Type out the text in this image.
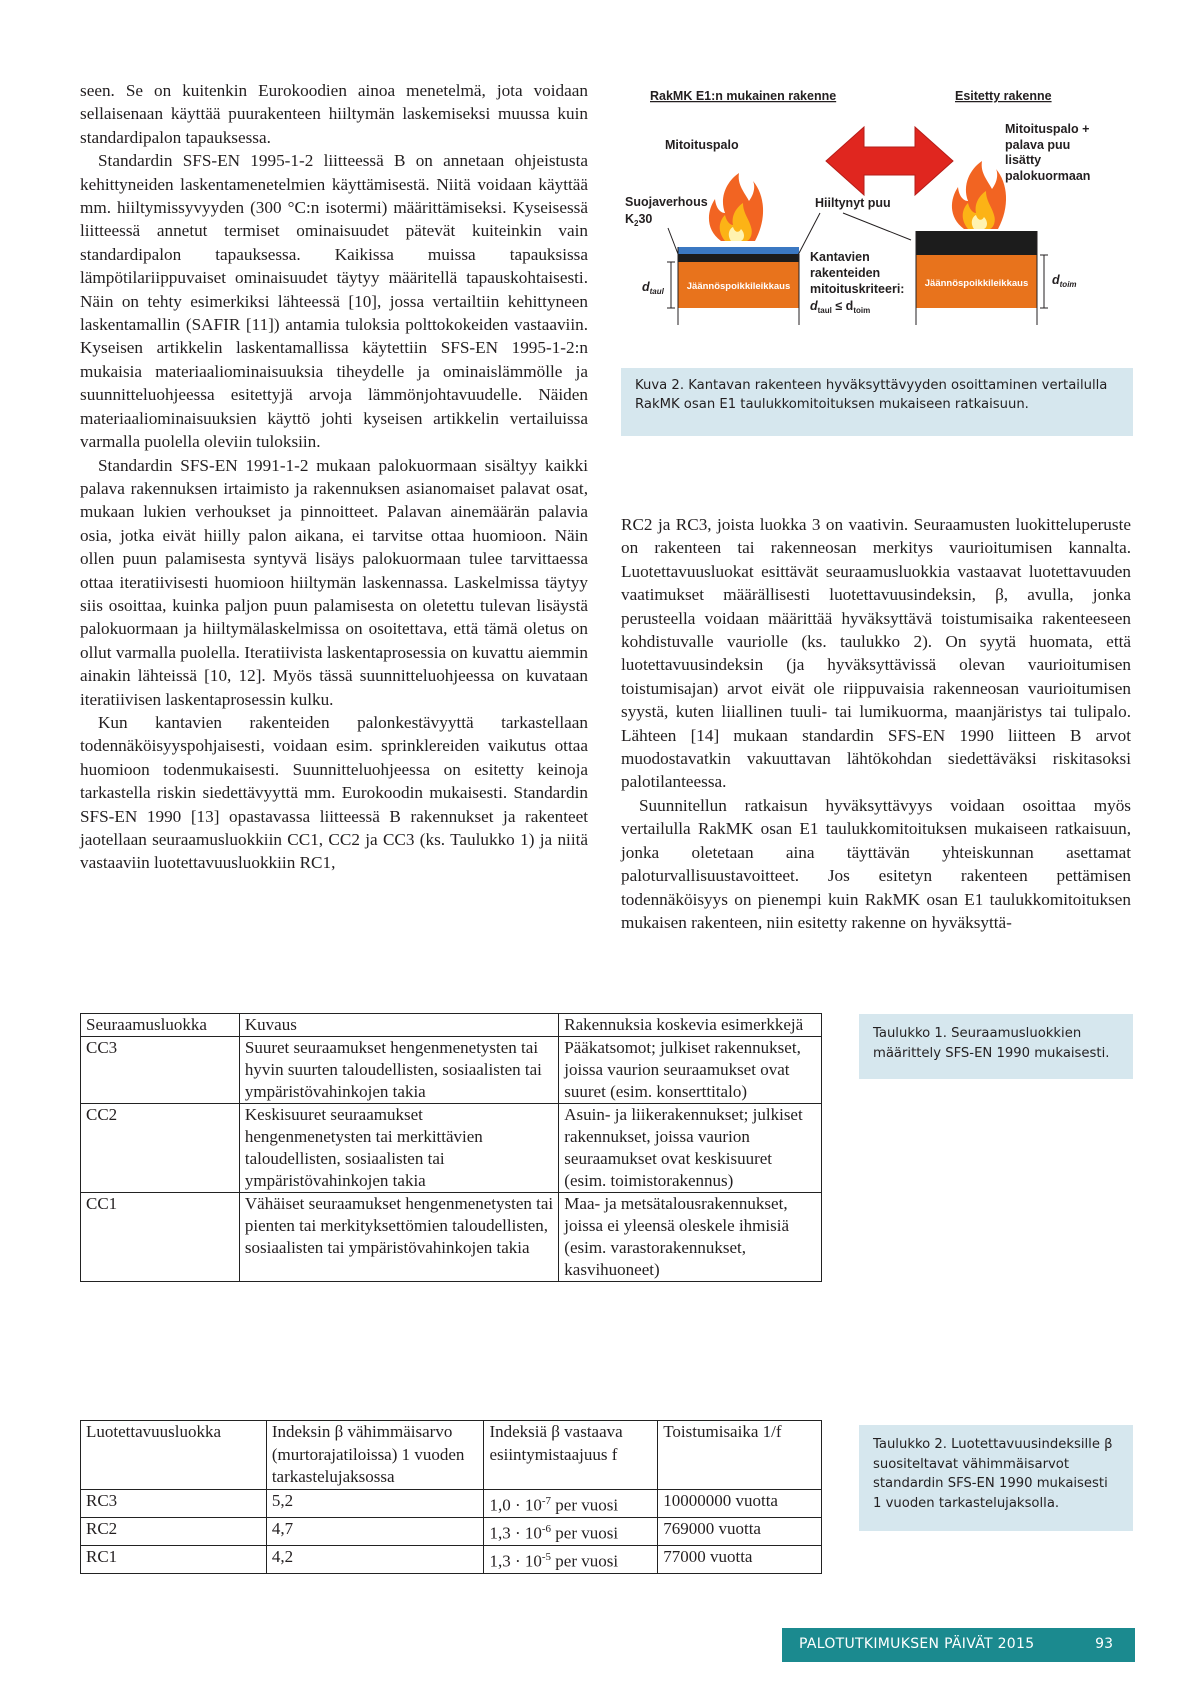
seen. Se on kuitenkin Eurokoodien ainoa menetelmä, jota voidaan sellaisenaan käyttää puurakenteen hiiltymän laskemiseksi muussa kuin standardipalon tapauksessa.

Standardin SFS-EN 1995-1-2 liitteessä B on annetaan ohjeistusta kehittyneiden laskentamenetelmien käyttämisestä. Niitä voidaan käyttää mm. hiiltymissyvyyden (300 °C:n isotermi) määrittämiseksi. Kyseisessä liitteessä annetut termiset ominaisuudet pätevät kuiteinkin vain standardipalon tapauksessa. Kaikissa muissa tapauksissa lämpötilariippuvaiset ominaisuudet täytyy määritellä tapauskohtaisesti. Näin on tehty esimerkiksi lähteessä [10], jossa vertailtiin kehittyneen laskentamallin (SAFIR [11]) antamia tuloksia polttokokeiden vastaaviin. Kyseisen artikkelin laskentamallissa käytettiin SFS-EN 1995-1-2:n mukaisia materiaaliominaisuuksia tiheydelle ja ominaislämmölle ja suunnitteluohjeessa esitettyjä arvoja lämmönjohtavuudelle. Näiden materiaaliominaisuuksien käyttö johti kyseisen artikkelin vertailuissa varmalla puolella oleviin tuloksiin.

Standardin SFS-EN 1991-1-2 mukaan palokuormaan sisältyy kaikki palava rakennuksen irtaimisto ja rakennuksen asianomaiset palavat osat, mukaan lukien verhoukset ja pinnoitteet. Palavan ainemäärän palavia osia, jotka eivät hiilly palon aikana, ei tarvitse ottaa huomioon. Näin ollen puun palamisesta syntyvä lisäys palokuormaan tulee tarvittaessa ottaa iteratiivisesti huomioon hiiltymän laskennassa. Laskelmissa täytyy siis osoittaa, kuinka paljon puun palamisesta on oletettu tulevan lisäystä palokuormaan ja hiiltymälaskelmissa on osoitettava, että tämä oletus on ollut varmalla puolella. Iteratiivista laskentaprosessia on kuvattu aiemmin ainakin lähteissä [10, 12]. Myös tässä suunnitteluohjeessa on kuvataan iteratiivisen laskentaprosessin kulku.

Kun kantavien rakenteiden palonkestävyyttä tarkastellaan todennäköisyyspohjaisesti, voidaan esim. sprinklereiden vaikutus ottaa huomioon todenmukaisesti. Suunnitteluohjeessa on esitetty keinoja tarkastella riskin siedettävyyttä mm. Eurokoodin mukaisesti. Standardin SFS-EN 1990 [13] opastavassa liitteessä B rakennukset ja rakenteet jaotellaan seuraamusluokkiin CC1, CC2 ja CC3 (ks. Taulukko 1) ja niitä vastaaviin luotettavuusluokkiin RC1,

RakMK E1:n mukainen rakenne	Esitetty rakenne
Mitoituspalo
Suojaverhous
$K_230$
Jäännöspoikkileikkaus
$d_{taul}$
Hiiltynyt puu
Kantavien
rakenteiden
mitoituskriteeri:
$d_{taul} \le d_{toim}$
Mitoituspalo +
palava puu
lisätty
palokuormaan
Jäännöspoikkileikkaus $d_{toim}$
Kuva 2. Kantavan rakenteen hyväksyttävyyden osoittaminen vertailulla RakMK osan E1 taulukkomitoituksen mukaiseen ratkaisuun.

RC2 ja RC3, joista luokka 3 on vaativin. Seuraamusten luokitteluperuste on rakenteen tai rakenneosan merkitys vaurioitumisen kannalta. Luotettavuusluokat esittävät seuraamusluokkia vastaavat luotettavuuden vaatimukset määrällisesti luotettavuusindeksin, β, avulla, jonka perusteella voidaan määrittää hyväksyttävä toistumisaika rakenteeseen kohdistuvalle vauriolle (ks. taulukko 2). On syytä huomata, että luotettavuusindeksin (ja hyväksyttävissä olevan vaurioitumisen toistumisajan) arvot eivät ole riippuvaisia rakenneosan vaurioitumisen syystä, kuten liiallinen tuuli- tai lumikuorma, maanjäristys tai tulipalo. Lähteen [14] mukaan standardin SFS-EN 1990 liitteen B arvot muodostavatkin vakuuttavan lähtökohdan siedettäväksi riskitasoksi palotilanteessa.

Suunnitellun ratkaisun hyväksyttävyys voidaan osoittaa myös vertailulla RakMK osan E1 taulukkomitoituksen mukaiseen ratkaisuun, jonka oletetaan aina täyttävän yhteiskunnan asettamat paloturvallisuustavoitteet. Jos esitetyn rakenteen pettämisen todennäköisyys on pienempi kuin RakMK osan E1 taulukkomitoituksen mukaisen rakenteen, niin esitetty rakenne on hyväksyttä-

Seuraamusluokka	Kuvaus	Rakennuksia koskevia esimerkkejä
CC3	Suuret seuraamukset hengenmenetysten tai hyvin suurten taloudellisten, sosiaalisten tai ympäristövahinkojen takia	Pääkatsomot; julkiset rakennukset, joissa vaurion seuraamukset ovat suuret (esim. konserttitalo)
CC2	Keskisuuret seuraamukset hengenmenetysten tai merkittävien taloudellisten, sosiaalisten tai ympäristövahinkojen takia	Asuin- ja liikerakennukset; julkiset rakennukset, joissa vaurion seuraamukset ovat keskisuuret (esim. toimistorakennus)
CC1	Vähäiset seuraamukset hengenmenetysten tai pienten tai merkityksettömien taloudellisten, sosiaalisten tai ympäristövahinkojen takia	Maa- ja metsätalousrakennukset, joissa ei yleensä oleskele ihmisiä (esim. varastorakennukset, kasvihuoneet)
Taulukko 1. Seuraamusluokkien määrittely SFS-EN 1990 mukaisesti.
Luotettavuusluokka	Indeksin β vähimmäisarvo (murtorajatiloissa) 1 vuoden tarkastelujaksossa	Indeksiä β vastaava esiintymistaajuus f	Toistumisaika 1/f
RC3	5,2	$1,0 \cdot 10^{-7}$ per vuosi	10000000 vuotta
RC2	4,7	$1,3 \cdot 10^{-6}$ per vuosi	769000 vuotta
RC1	4,2	$1,3 \cdot 10^{-5}$ per vuosi	77000 vuotta
Taulukko 2. Luotettavuusindeksille β suositeltavat vähimmäisarvot standardin SFS-EN 1990 mukaisesti 1 vuoden tarkastelujaksolla.
PALOTUTKIMUKSEN PÄIVÄT 2015	93
